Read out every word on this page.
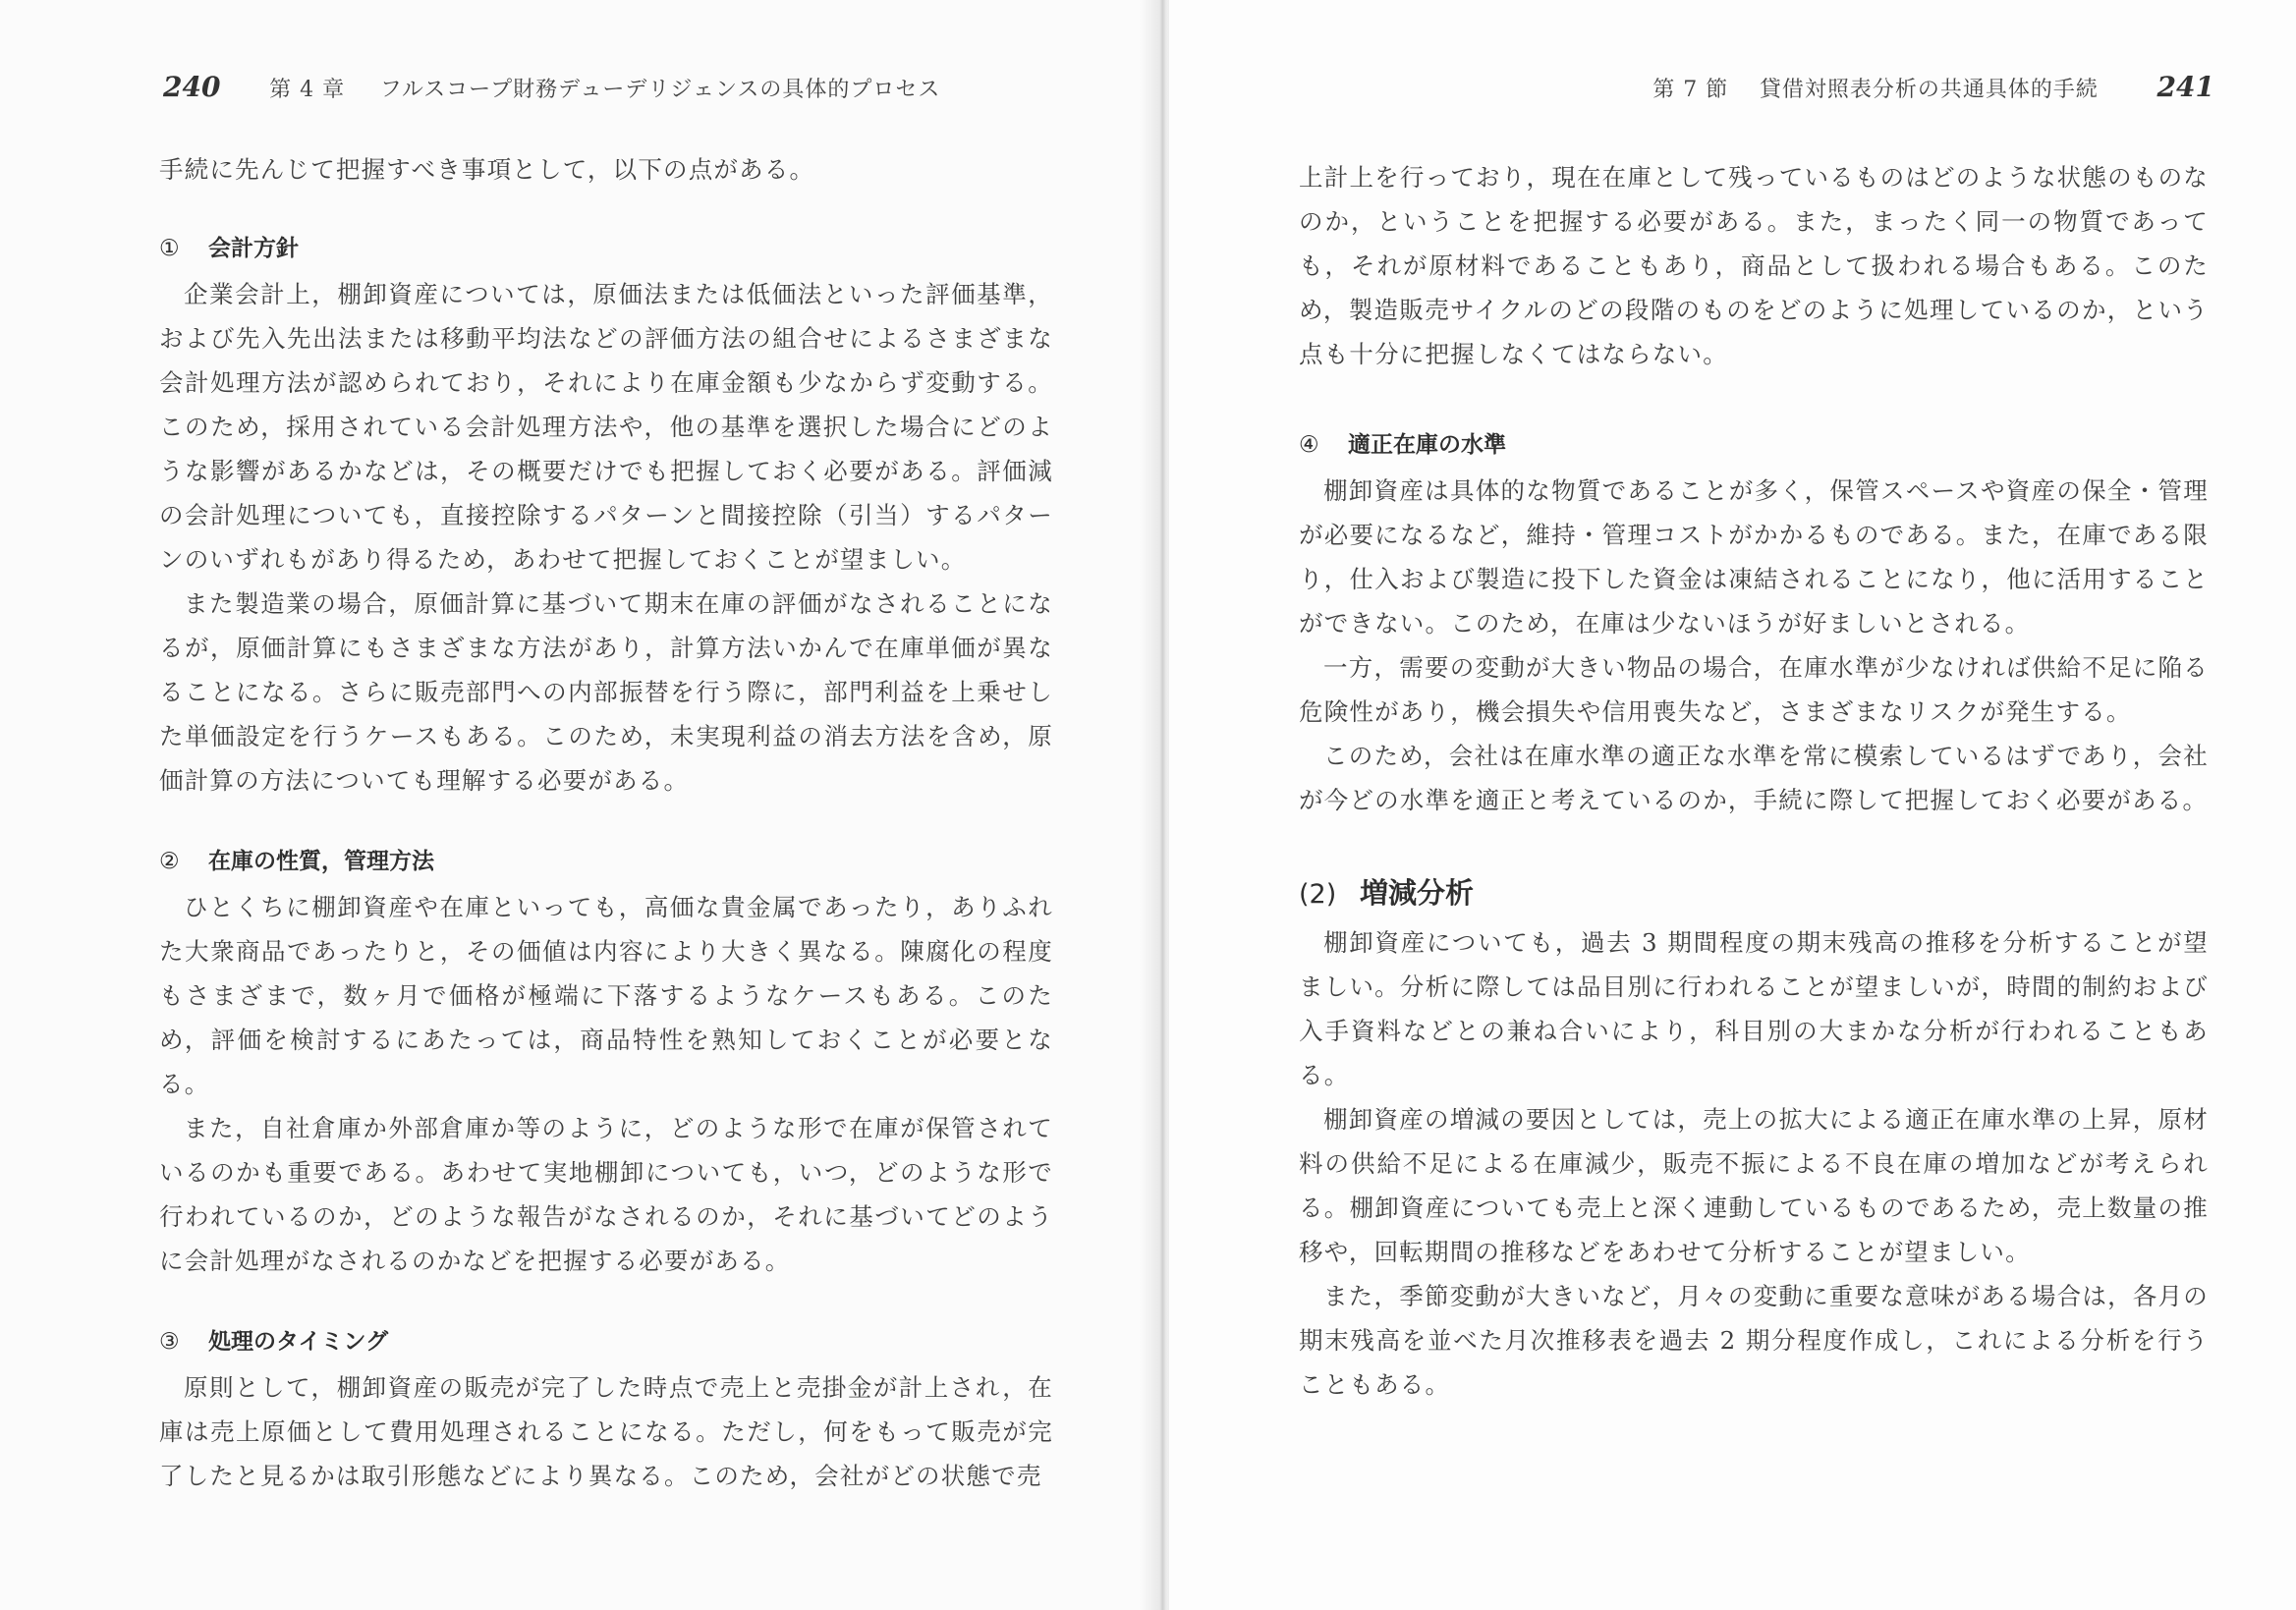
240 第 4 章 フルスコープ財務デューデリジェンスの具体的プロセス

手続に先んじて把握すべき事項として，以下の点がある。

① 会計方針

企業会計上，棚卸資産については，原価法または低価法といった評価基準，および先入先出法または移動平均法などの評価方法の組合せによるさまざまな会計処理方法が認められており，それにより在庫金額も少なからず変動する。このため，採用されている会計処理方法や，他の基準を選択した場合にどのような影響があるかなどは，その概要だけでも把握しておく必要がある。評価減の会計処理についても，直接控除するパターンと間接控除（引当）するパターンのいずれもがあり得るため，あわせて把握しておくことが望ましい。

また製造業の場合，原価計算に基づいて期末在庫の評価がなされることになるが，原価計算にもさまざまな方法があり，計算方法いかんで在庫単価が異なることになる。さらに販売部門への内部振替を行う際に，部門利益を上乗せした単価設定を行うケースもある。このため，未実現利益の消去方法を含め，原価計算の方法についても理解する必要がある。

② 在庫の性質，管理方法

ひとくちに棚卸資産や在庫といっても，高価な貴金属であったり，ありふれた大衆商品であったりと，その価値は内容により大きく異なる。陳腐化の程度もさまざまで，数ヶ月で価格が極端に下落するようなケースもある。このため，評価を検討するにあたっては，商品特性を熟知しておくことが必要となる。

また，自社倉庫か外部倉庫か等のように，どのような形で在庫が保管されているのかも重要である。あわせて実地棚卸についても，いつ，どのような形で行われているのか，どのような報告がなされるのか，それに基づいてどのように会計処理がなされるのかなどを把握する必要がある。

③ 処理のタイミング

原則として，棚卸資産の販売が完了した時点で売上と売掛金が計上され，在庫は売上原価として費用処理されることになる。ただし，何をもって販売が完了したと見るかは取引形態などにより異なる。このため，会社がどの状態で売

第 7 節 貸借対照表分析の共通具体的手続 241

上計上を行っており，現在在庫として残っているものはどのような状態のものなのか，ということを把握する必要がある。また，まったく同一の物質であっても，それが原材料であることもあり，商品として扱われる場合もある。このため，製造販売サイクルのどの段階のものをどのように処理しているのか，という点も十分に把握しなくてはならない。

④ 適正在庫の水準

棚卸資産は具体的な物質であることが多く，保管スペースや資産の保全・管理が必要になるなど，維持・管理コストがかかるものである。また，在庫である限り，仕入および製造に投下した資金は凍結されることになり，他に活用することができない。このため，在庫は少ないほうが好ましいとされる。

一方，需要の変動が大きい物品の場合，在庫水準が少なければ供給不足に陥る危険性があり，機会損失や信用喪失など，さまざまなリスクが発生する。

このため，会社は在庫水準の適正な水準を常に模索しているはずであり，会社が今どの水準を適正と考えているのか，手続に際して把握しておく必要がある。

(2) 増減分析

棚卸資産についても，過去 3 期間程度の期末残高の推移を分析することが望ましい。分析に際しては品目別に行われることが望ましいが，時間的制約および入手資料などとの兼ね合いにより，科目別の大まかな分析が行われることもある。

棚卸資産の増減の要因としては，売上の拡大による適正在庫水準の上昇，原材料の供給不足による在庫減少，販売不振による不良在庫の増加などが考えられる。棚卸資産についても売上と深く連動しているものであるため，売上数量の推移や，回転期間の推移などをあわせて分析することが望ましい。

また，季節変動が大きいなど，月々の変動に重要な意味がある場合は，各月の期末残高を並べた月次推移表を過去 2 期分程度作成し，これによる分析を行うこともある。
